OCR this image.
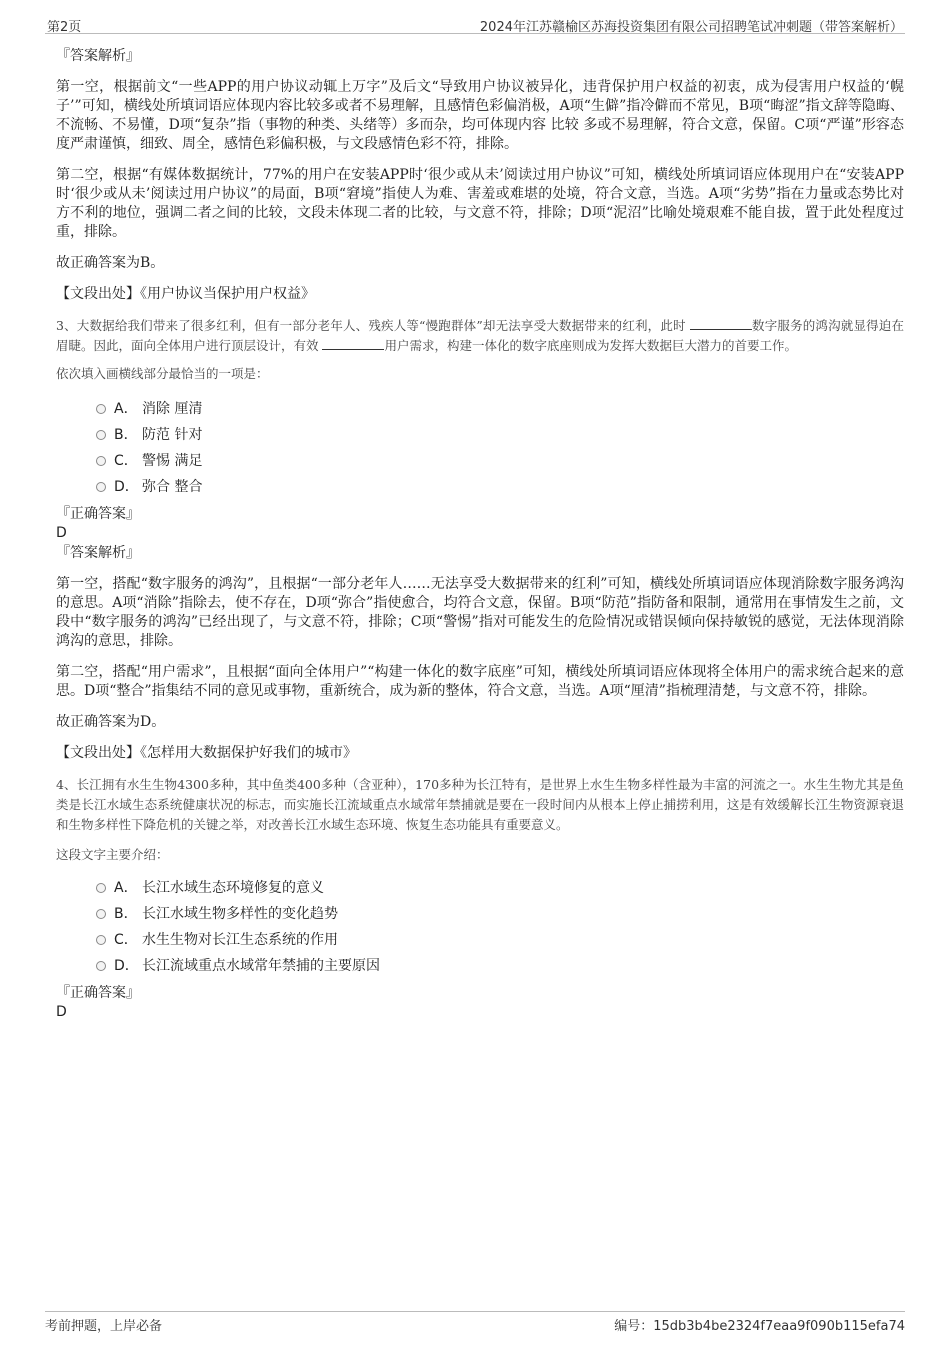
第2页	2024年江苏赣榆区苏海投资集团有限公司招聘笔试冲刺题（带答案解析）
『答案解析』
第一空，根据前文“一些APP的用户协议动辄上万字”及后文“导致用户协议被异化，违背保护用户权益的初衷，成为侵害用户权益的‘幌子’”可知，横线处所填词语应体现内容比较多或者不易理解，且感情色彩偏消极，A项“生僻”指冷僻而不常见，B项“晦涩”指文辞等隐晦、不流畅、不易懂，D项“复杂”指（事物的种类、头绪等）多而杂，均可体现内容 比较 多或不易理解，符合文意，保留。C项“严谨”形容态度严肃谨慎，细致、周全，感情色彩偏积极，与文段感情色彩不符，排除。
第二空，根据“有媒体数据统计，77%的用户在安装APP时‘很少或从未’阅读过用户协议”可知，横线处所填词语应体现用户在“安装APP时‘很少或从未’阅读过用户协议”的局面，B项“窘境”指使人为难、害羞或难堪的处境，符合文意，当选。A项“劣势”指在力量或态势比对方不利的地位，强调二者之间的比较，文段未体现二者的比较，与文意不符，排除；D项“泥沼”比喻处境艰难不能自拔，置于此处程度过重，排除。
故正确答案为B。
【文段出处】《用户协议当保护用户权益》
3、大数据给我们带来了很多红利，但有一部分老年人、残疾人等“慢跑群体”却无法享受大数据带来的红利，此时	数字服务的鸿沟就显得迫在眉睫。因此，面向全体用户进行顶层设计，有效	用户需求，构建一体化的数字底座则成为发挥大数据巨大潜力的首要工作。
依次填入画横线部分最恰当的一项是：
A． 消除 厘清
B． 防范 针对
C． 警惕 满足
D． 弥合 整合
『正确答案』
D
『答案解析』
第一空，搭配“数字服务的鸿沟”，且根据“一部分老年人……无法享受大数据带来的红利”可知，横线处所填词语应体现消除数字服务鸿沟的意思。A项“消除”指除去，使不存在，D项“弥合”指使愈合，均符合文意，保留。B项“防范”指防备和限制，通常用在事情发生之前，文段中“数字服务的鸿沟”已经出现了，与文意不符，排除；C项“警惕”指对可能发生的危险情况或错误倾向保持敏锐的感觉，无法体现消除鸿沟的意思，排除。
第二空，搭配“用户需求”，且根据“面向全体用户”“构建一体化的数字底座”可知，横线处所填词语应体现将全体用户的需求统合起来的意思。D项“整合”指集结不同的意见或事物，重新统合，成为新的整体，符合文意，当选。A项“厘清”指梳理清楚，与文意不符，排除。
故正确答案为D。
【文段出处】《怎样用大数据保护好我们的城市》
4、长江拥有水生生物4300多种，其中鱼类400多种（含亚种），170多种为长江特有，是世界上水生生物多样性最为丰富的河流之一。水生生物尤其是鱼类是长江水域生态系统健康状况的标志，而实施长江流域重点水域常年禁捕就是要在一段时间内从根本上停止捕捞利用，这是有效缓解长江生物资源衰退和生物多样性下降危机的关键之举，对改善长江水域生态环境、恢复生态功能具有重要意义。
这段文字主要介绍：
A． 长江水域生态环境修复的意义
B． 长江水域生物多样性的变化趋势
C． 水生生物对长江生态系统的作用
D． 长江流域重点水域常年禁捕的主要原因
『正确答案』
D
考前押题，上岸必备	编号：15db3b4be2324f7eaa9f090b115efa74
